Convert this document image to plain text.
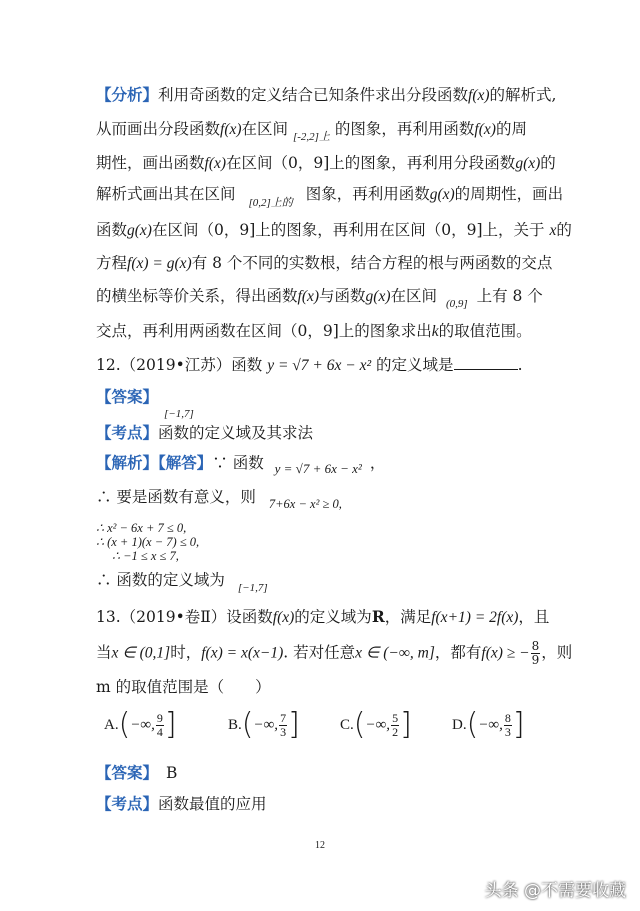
【分析】利用奇函数的定义结合已知条件求出分段函数f(x)的解析式,
从而画出分段函数f(x)在区间 $_{[-2,2]上}$ 的图象，再利用函数f(x)的周
期性，画出函数f(x)在区间（0，9]上的图象，再利用分段函数g(x)的
解析式画出其在区间 $_{[0,2]上的}$ 图象，再利用函数g(x)的周期性，画出
函数g(x)在区间（0，9]上的图象，再利用在区间（0，9]上，关于 x的
方程f(x) = g(x)有 8 个不同的实数根，结合方程的根与两函数的交点
的横坐标等价关系，得出函数f(x)与函数g(x)在区间 $_{(0,9]}$ 上有 8 个
交点，再利用两函数在区间（0，9]上的图象求出k的取值范围。
12.（2019•江苏）函数 y = √7 + 6x − x² 的定义域是	.
【答案】
[−1,7]
【考点】函数的定义域及其求法
【解析】【解答】∵ 函数 $_{y = √7 + 6x - x^2}$ ，
∴ 要是函数有意义，则 $_{7+6x - x^2 \ge 0,}$
∴ x² − 6x + 7 ≤ 0,
∴ (x + 1)(x − 7) ≤ 0,
∴ −1 ≤ x ≤ 7,
∴ 函数的定义域为 $_{[-1,7]}$
13.（2019•卷Ⅱ）设函数f(x)的定义域为R，满足f(x+1) = 2f(x)，且
当x ∈ (0,1]时，f(x) = x(x−1). 若对任意x ∈ (−∞, m]，都有f(x) ≥ − $\frac{8}{9}$ ，则
m 的取值范围是（　　）
A. ( −∞, $\frac{9}{4}$ ]	B. ( −∞, $\frac{7}{3}$ ]	C. ( −∞, $\frac{5}{2}$ ]	D. ( −∞, $\frac{8}{3}$ ]
【答案】 B
【考点】函数最值的应用
12
头条 @不需要收藏
